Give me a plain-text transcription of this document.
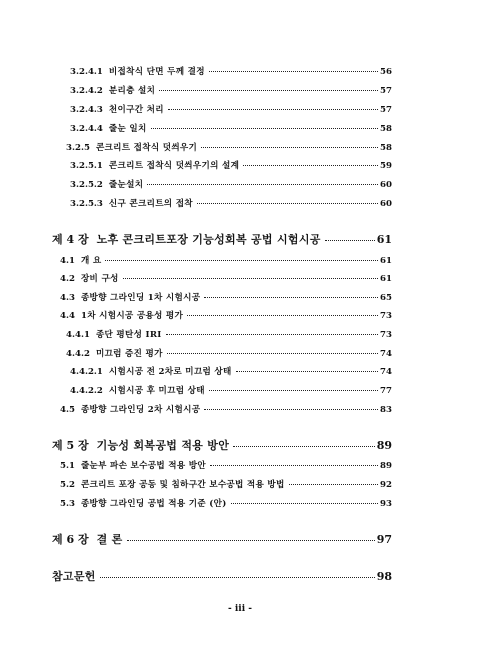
3.2.4.1 비접착식 단면 두께 결정	56
3.2.4.2 분리층 설치	57
3.2.4.3 천이구간 처리	57
3.2.4.4 줄눈 일치	58
3.2.5 콘크리트 접착식 덧씌우기	58
3.2.5.1 콘크리트 접착식 덧씌우기의 설계	59
3.2.5.2 줄눈설치	60
3.2.5.3 신구 콘크리트의 접착	60
제 4 장 노후 콘크리트포장 기능성회복 공법 시험시공	61
4.1 개 요	61
4.2 장비 구성	61
4.3 종방향 그라인딩 1차 시험시공	65
4.4 1차 시험시공 공용성 평가	73
4.4.1 종단 평탄성 IRI	73
4.4.2 미끄럼 증진 평가	74
4.4.2.1 시험시공 전 2차로 미끄럼 상태	74
4.4.2.2 시험시공 후 미끄럼 상태	77
4.5 종방향 그라인딩 2차 시험시공	83
제 5 장 기능성 회복공법 적용 방안	89
5.1 줄눈부 파손 보수공법 적용 방안	89
5.2 콘크리트 포장 공동 및 침하구간 보수공법 적용 방법	92
5.3 종방향 그라인딩 공법 적용 기준 (안)	93
제 6 장 결 론	97
참고문헌	98
- iii -
